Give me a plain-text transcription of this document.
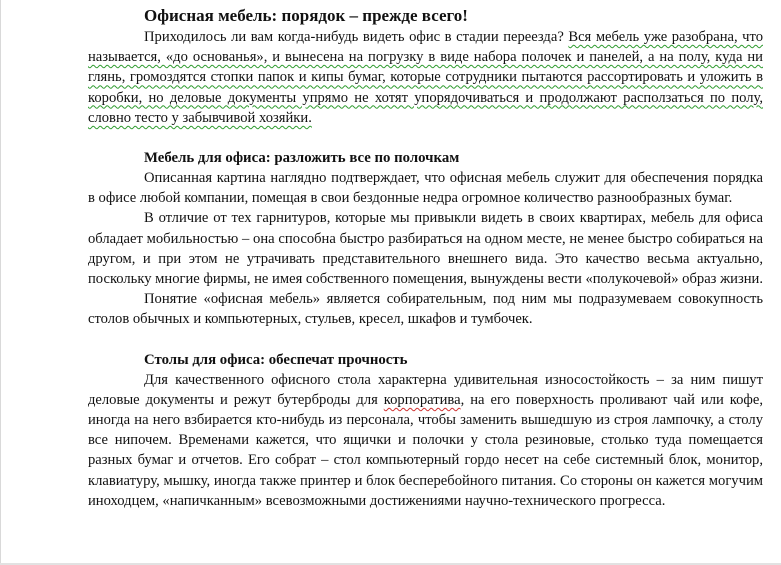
Офисная мебель: порядок – прежде всего!

Приходилось ли вам когда-нибудь видеть офис в стадии переезда? Вся мебель уже разобрана, что называется, «до основанья», и вынесена на погрузку в виде набора полочек и панелей, а на полу, куда ни глянь, громоздятся стопки папок и кипы бумаг, которые сотрудники пытаются рассортировать и уложить в коробки, но деловые документы упрямо не хотят упорядочиваться и продолжают расползаться по полу, словно тесто у забывчивой хозяйки.

Мебель для офиса: разложить все по полочкам

Описанная картина наглядно подтверждает, что офисная мебель служит для обеспечения порядка в офисе любой компании, помещая в свои бездонные недра огромное количество разнообразных бумаг.

В отличие от тех гарнитуров, которые мы привыкли видеть в своих квартирах, мебель для офиса обладает мобильностью – она способна быстро разбираться на одном месте, не менее быстро собираться на другом, и при этом не утрачивать представительного внешнего вида. Это качество весьма актуально, поскольку многие фирмы, не имея собственного помещения, вынуждены вести «полукочевой» образ жизни.

Понятие «офисная мебель» является собирательным, под ним мы подразумеваем совокупность столов обычных и компьютерных, стульев, кресел, шкафов и тумбочек.

Столы для офиса: обеспечат прочность

Для качественного офисного стола характерна удивительная износостойкость – за ним пишут деловые документы и режут бутерброды для корпоратива, на его поверхность проливают чай или кофе, иногда на него взбирается кто-нибудь из персонала, чтобы заменить вышедшую из строя лампочку, а столу все нипочем. Временами кажется, что ящички и полочки у стола резиновые, столько туда помещается разных бумаг и отчетов. Его собрат – стол компьютерный гордо несет на себе системный блок, монитор, клавиатуру, мышку, иногда также принтер и блок бесперебойного питания. Со стороны он кажется могучим иноходцем, «напичканным» всевозможными достижениями научно-технического прогресса.
